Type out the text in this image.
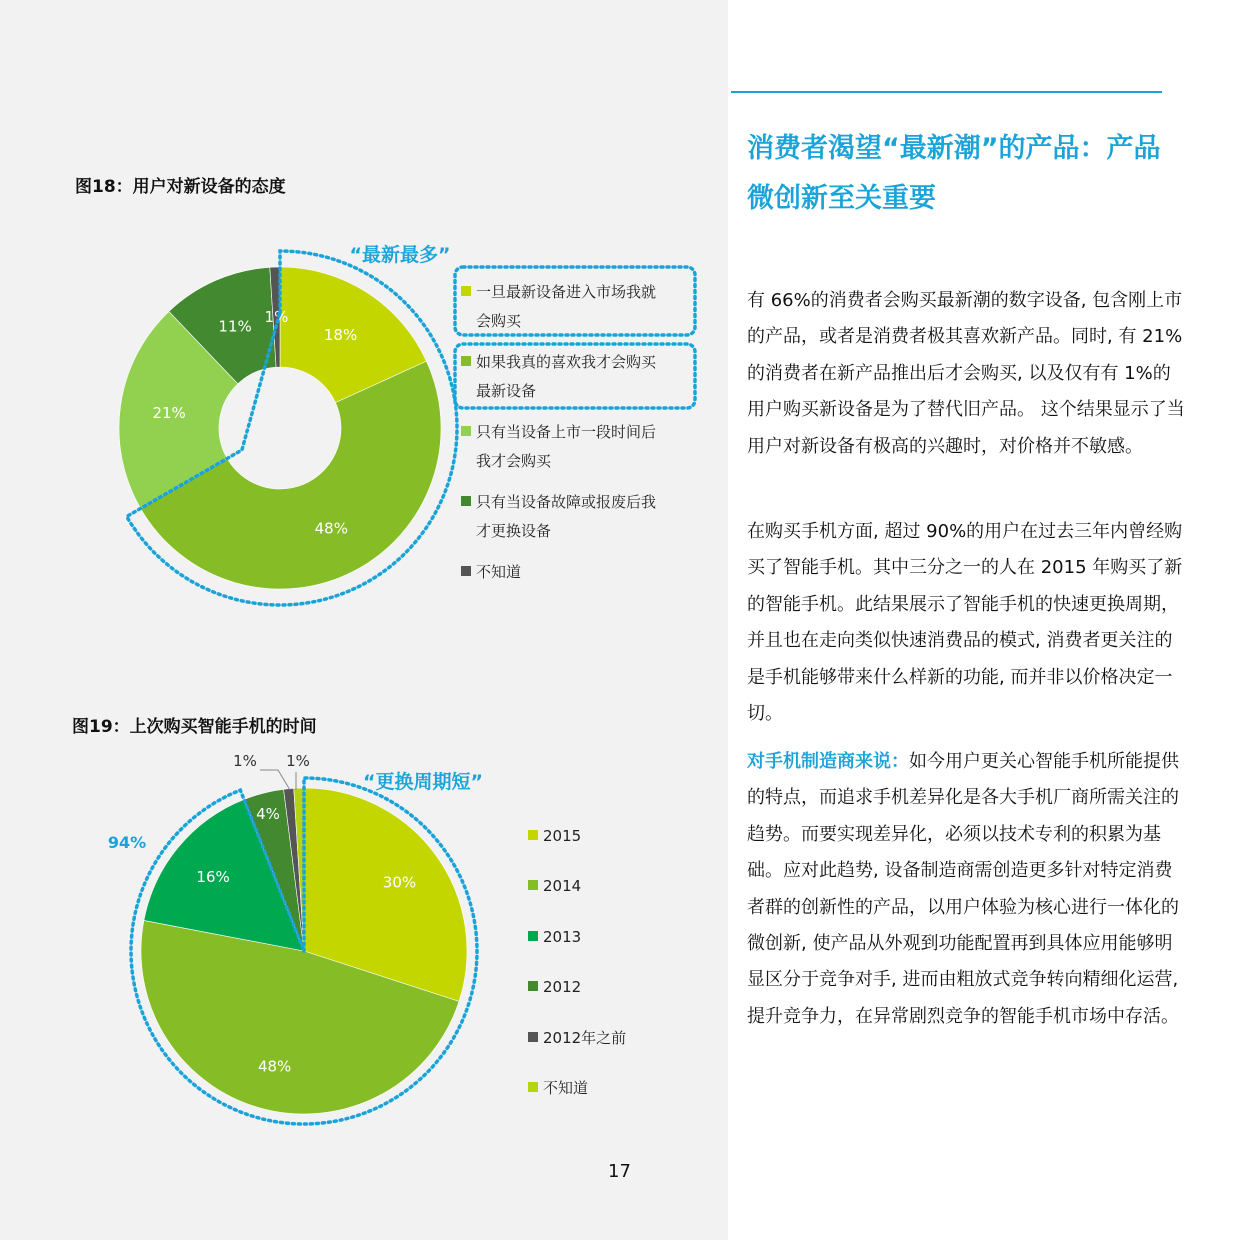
图18：用户对新设备的态度
图19：上次购买智能手机的时间
18%
48%
21%
11%
1%
30%
48%
16%
4%
1% 1%
“最新最多”
“更换周期短”
94%
一旦最新设备进入市场我就
会购买
如果我真的喜欢我才会购买
最新设备
只有当设备上市一段时间后
我才会购买
只有当设备故障或报废后我
才更换设备
不知道
2015
2014
2013
2012
2012年之前
不知道
17
消费者渴望“最新潮”的产品：产品微创新至关重要
有 66%的消费者会购买最新潮的数字设备, 包含刚上市的产品，或者是消费者极其喜欢新产品。同时, 有 21%的消费者在新产品推出后才会购买, 以及仅有有 1%的用户购买新设备是为了替代旧产品。 这个结果显示了当用户对新设备有极高的兴趣时，对价格并不敏感。
在购买手机方面, 超过 90%的用户在过去三年内曾经购买了智能手机。其中三分之一的人在 2015 年购买了新的智能手机。此结果展示了智能手机的快速更换周期，并且也在走向类似快速消费品的模式, 消费者更关注的是手机能够带来什么样新的功能, 而并非以价格决定一切。
对手机制造商来说：如今用户更关心智能手机所能提供的特点，而追求手机差异化是各大手机厂商所需关注的趋势。而要实现差异化，必须以技术专利的积累为基础。应对此趋势, 设备制造商需创造更多针对特定消费者群的创新性的产品，以用户体验为核心进行一体化的微创新, 使产品从外观到功能配置再到具体应用能够明显区分于竞争对手, 进而由粗放式竞争转向精细化运营, 提升竞争力，在异常剧烈竞争的智能手机市场中存活。
